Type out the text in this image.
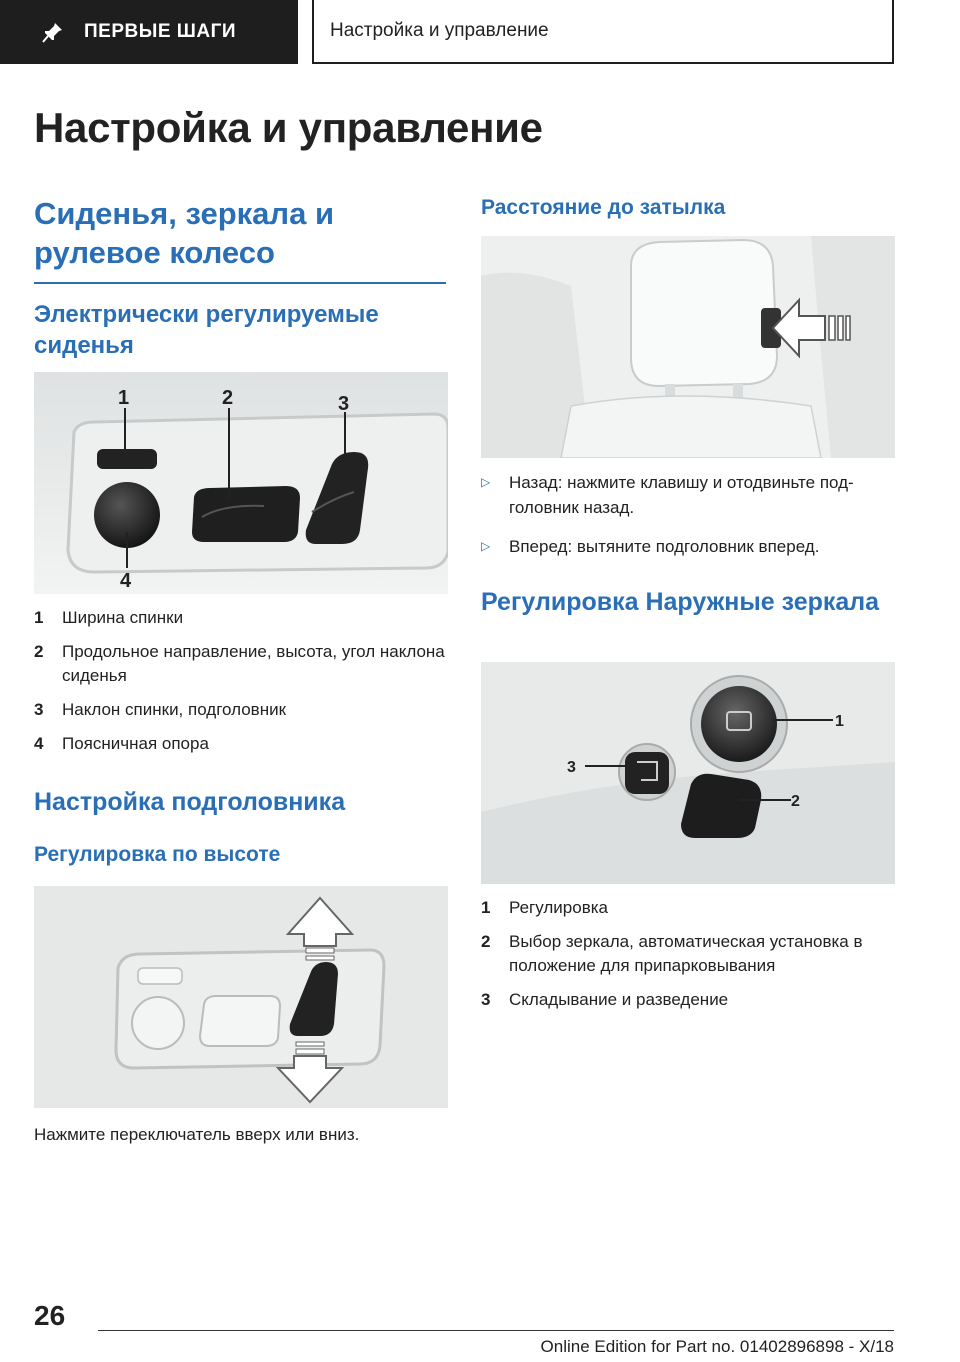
ПЕРВЫЕ ШАГИ	Настройка и управление
Настройка и управление
Сиденья, зеркала и рулевое колесо
Электрически регулируемые сиденья
1	2	3
4
1	Ширина спинки
2	Продольное направление, высота, угол наклона сиденья
3	Наклон спинки, подголовник
4	Поясничная опора
Настройка подголовника
Регулировка по высоте

Нажмите переключатель вверх или вниз.

Расстояние до затылка
▷	Назад: нажмите клавишу и отодвиньте подголовник назад.
▷	Вперед: вытяните подголовник вперед.
Регулировка Наружные зеркала
1
2
3
1	Регулировка
2	Выбор зеркала, автоматическая установка в положение для припарковывания
3	Складывание и разведение
26
Online Edition for Part no. 01402896898 - X/18
